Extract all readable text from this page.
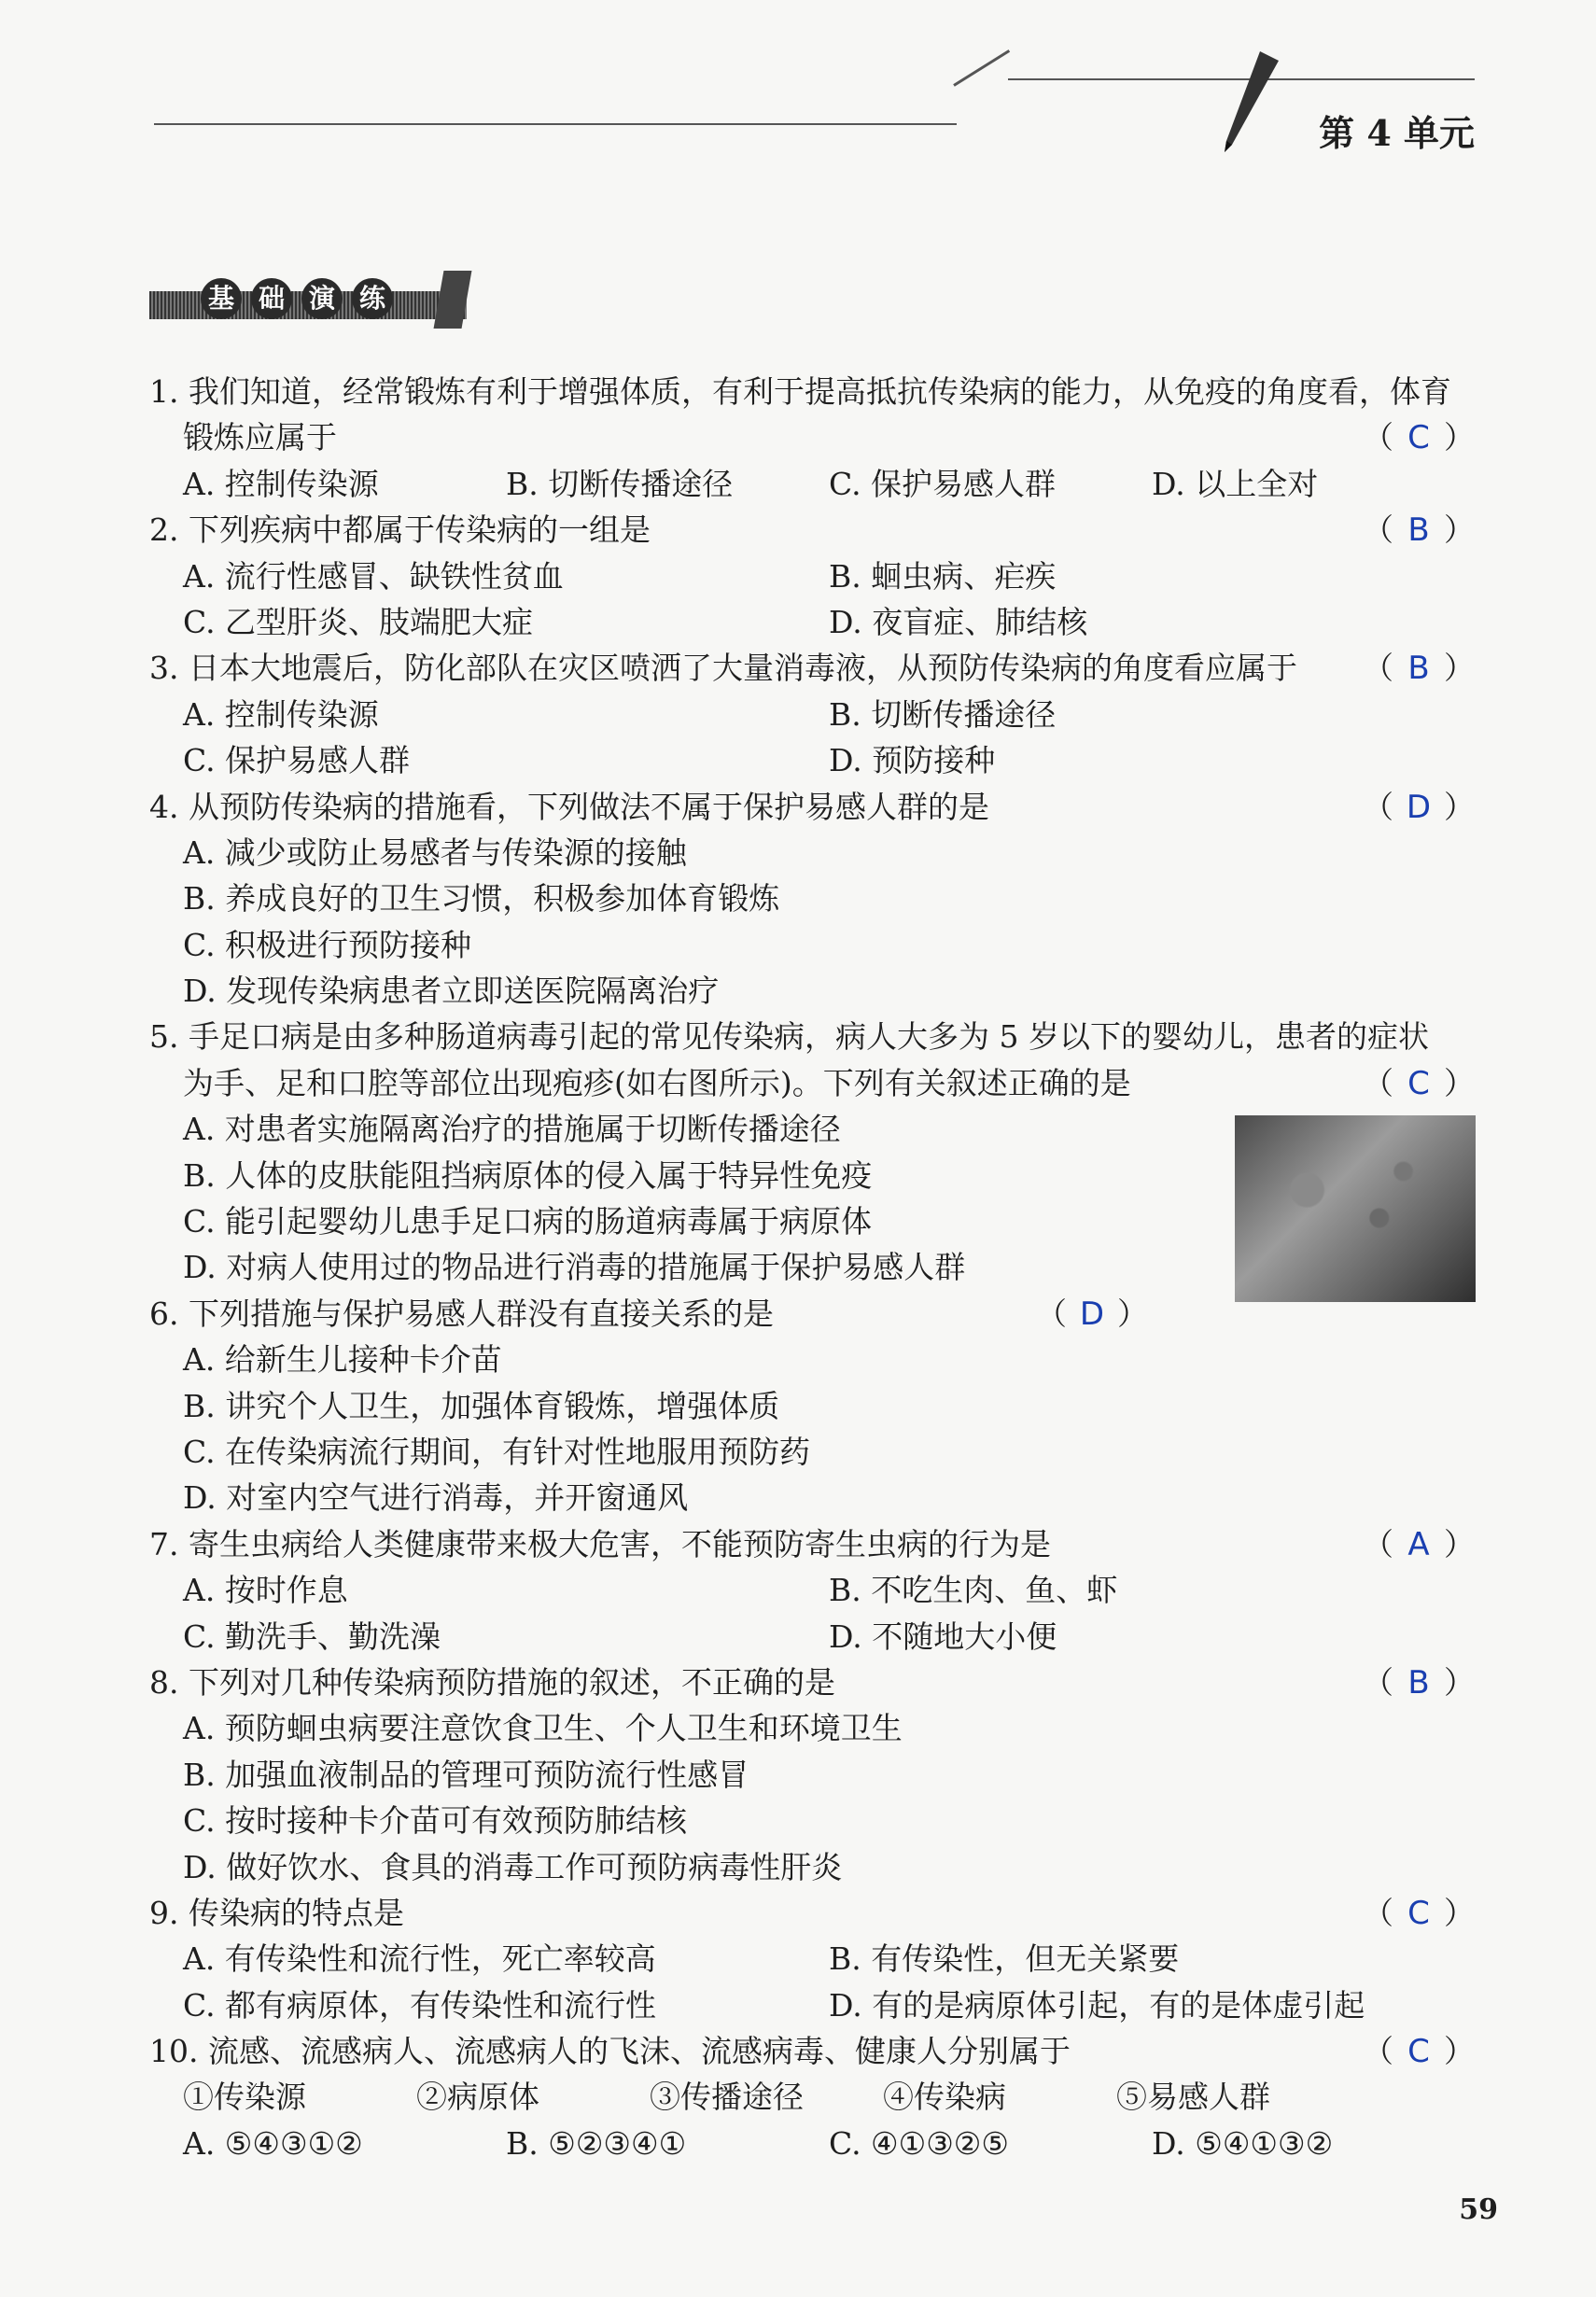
第 4 单元
基 础 演 练
1. 我们知道，经常锻炼有利于增强体质，有利于提高抵抗传染病的能力，从免疫的角度看，体育
锻炼应属于	（ C ）
A. 控制传染源	B. 切断传播途径	C. 保护易感人群	D. 以上全对
2. 下列疾病中都属于传染病的一组是	（ B ）
A. 流行性感冒、缺铁性贫血	B. 蛔虫病、疟疾
C. 乙型肝炎、肢端肥大症	D. 夜盲症、肺结核
3. 日本大地震后，防化部队在灾区喷洒了大量消毒液，从预防传染病的角度看应属于 （ B ）
A. 控制传染源	B. 切断传播途径
C. 保护易感人群	D. 预防接种
4. 从预防传染病的措施看，下列做法不属于保护易感人群的是	（ D ）
A. 减少或防止易感者与传染源的接触
B. 养成良好的卫生习惯，积极参加体育锻炼
C. 积极进行预防接种
D. 发现传染病患者立即送医院隔离治疗
5. 手足口病是由多种肠道病毒引起的常见传染病，病人大多为 5 岁以下的婴幼儿，患者的症状
为手、足和口腔等部位出现疱疹(如右图所示)。下列有关叙述正确的是	（ C ）
A. 对患者实施隔离治疗的措施属于切断传播途径
B. 人体的皮肤能阻挡病原体的侵入属于特异性免疫
C. 能引起婴幼儿患手足口病的肠道病毒属于病原体
D. 对病人使用过的物品进行消毒的措施属于保护易感人群
6. 下列措施与保护易感人群没有直接关系的是	（ D ）
A. 给新生儿接种卡介苗
B. 讲究个人卫生，加强体育锻炼，增强体质
C. 在传染病流行期间，有针对性地服用预防药
D. 对室内空气进行消毒，并开窗通风
7. 寄生虫病给人类健康带来极大危害，不能预防寄生虫病的行为是	（ A ）
A. 按时作息	B. 不吃生肉、鱼、虾
C. 勤洗手、勤洗澡	D. 不随地大小便
8. 下列对几种传染病预防措施的叙述，不正确的是	（ B ）
A. 预防蛔虫病要注意饮食卫生、个人卫生和环境卫生
B. 加强血液制品的管理可预防流行性感冒
C. 按时接种卡介苗可有效预防肺结核
D. 做好饮水、食具的消毒工作可预防病毒性肝炎
9. 传染病的特点是	（ C ）
A. 有传染性和流行性，死亡率较高	B. 有传染性，但无关紧要
C. 都有病原体，有传染性和流行性	D. 有的是病原体引起，有的是体虚引起
10. 流感、流感病人、流感病人的飞沫、流感病毒、健康人分别属于	（ C ）
①传染源	②病原体	③传播途径	④传染病	⑤易感人群
A. ⑤④③①②	B. ⑤②③④①	C. ④①③②⑤	D. ⑤④①③②
59
